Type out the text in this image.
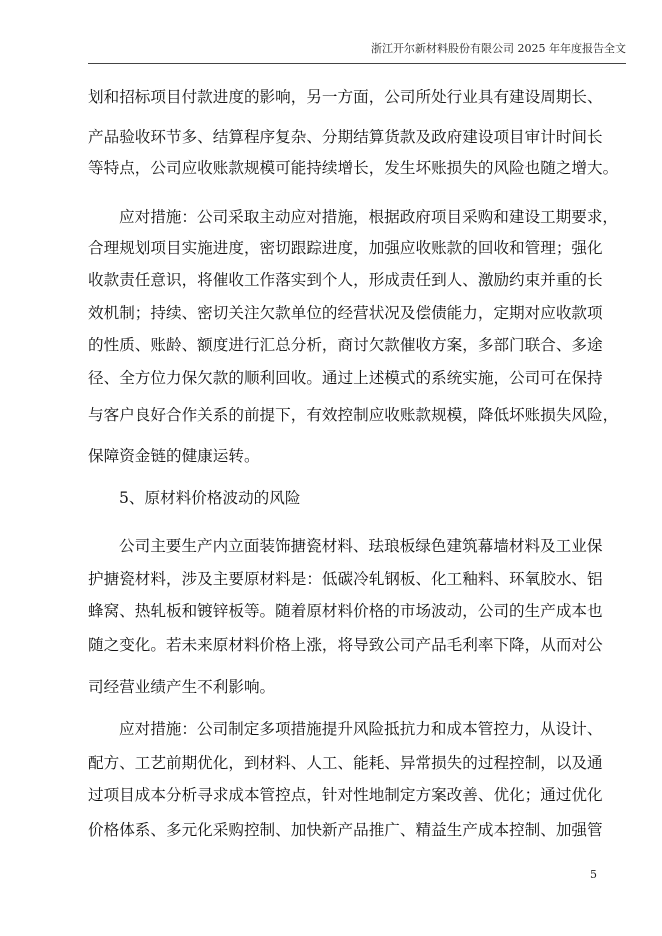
浙江开尔新材料股份有限公司 2025 年年度报告全文
划和招标项目付款进度的影响，另一方面，公司所处行业具有建设周期长、
产品验收环节多、结算程序复杂、分期结算货款及政府建设项目审计时间长
等特点，公司应收账款规模可能持续增长，发生坏账损失的风险也随之增大。
应对措施：公司采取主动应对措施，根据政府项目采购和建设工期要求，
合理规划项目实施进度，密切跟踪进度，加强应收账款的回收和管理；强化
收款责任意识，将催收工作落实到个人，形成责任到人、激励约束并重的长
效机制；持续、密切关注欠款单位的经营状况及偿债能力，定期对应收款项
的性质、账龄、额度进行汇总分析，商讨欠款催收方案，多部门联合、多途
径、全方位力保欠款的顺利回收。通过上述模式的系统实施，公司可在保持
与客户良好合作关系的前提下，有效控制应收账款规模，降低坏账损失风险，
保障资金链的健康运转。
5、原材料价格波动的风险
公司主要生产内立面装饰搪瓷材料、珐琅板绿色建筑幕墙材料及工业保
护搪瓷材料，涉及主要原材料是：低碳冷轧钢板、化工釉料、环氧胶水、铝
蜂窝、热轧板和镀锌板等。随着原材料价格的市场波动，公司的生产成本也
随之变化。若未来原材料价格上涨，将导致公司产品毛利率下降，从而对公
司经营业绩产生不利影响。
应对措施：公司制定多项措施提升风险抵抗力和成本管控力，从设计、
配方、工艺前期优化，到材料、人工、能耗、异常损失的过程控制，以及通
过项目成本分析寻求成本管控点，针对性地制定方案改善、优化；通过优化
价格体系、多元化采购控制、加快新产品推广、精益生产成本控制、加强管
5
